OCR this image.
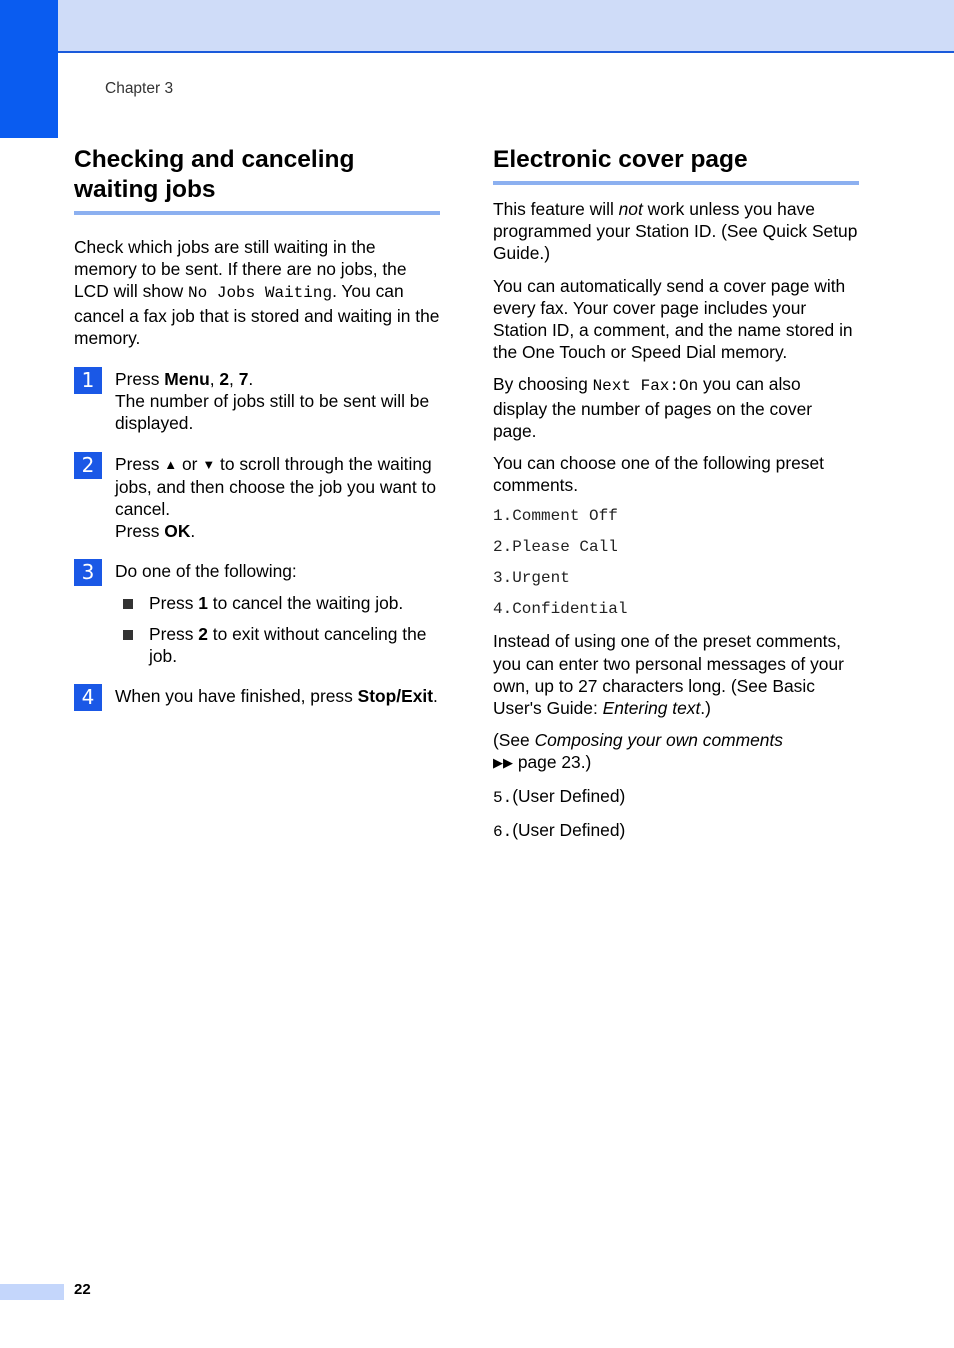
Chapter 3
Checking and canceling waiting jobs

Check which jobs are still waiting in the memory to be sent. If there are no jobs, the LCD will show No Jobs Waiting. You can cancel a fax job that is stored and waiting in the memory.

1	Press Menu, 2, 7.
The number of jobs still to be sent will be displayed.
2	Press ▲ or ▼ to scroll through the waiting jobs, and then choose the job you want to cancel.
Press OK.
3	Do one of the following:
Press 1 to cancel the waiting job.
Press 2 to exit without canceling the job.
4	When you have finished, press Stop/Exit.
Electronic cover page

This feature will not work unless you have programmed your Station ID. (See Quick Setup Guide.)

You can automatically send a cover page with every fax. Your cover page includes your Station ID, a comment, and the name stored in the One Touch or Speed Dial memory.

By choosing Next Fax:On you can also display the number of pages on the cover page.

You can choose one of the following preset comments.

1.Comment Off
2.Please Call
3.Urgent
4.Confidential

Instead of using one of the preset comments, you can enter two personal messages of your own, up to 27 characters long. (See Basic User's Guide: Entering text.)

(See Composing your own comments
▶▶ page 23.)

5.(User Defined)

6.(User Defined)

22
